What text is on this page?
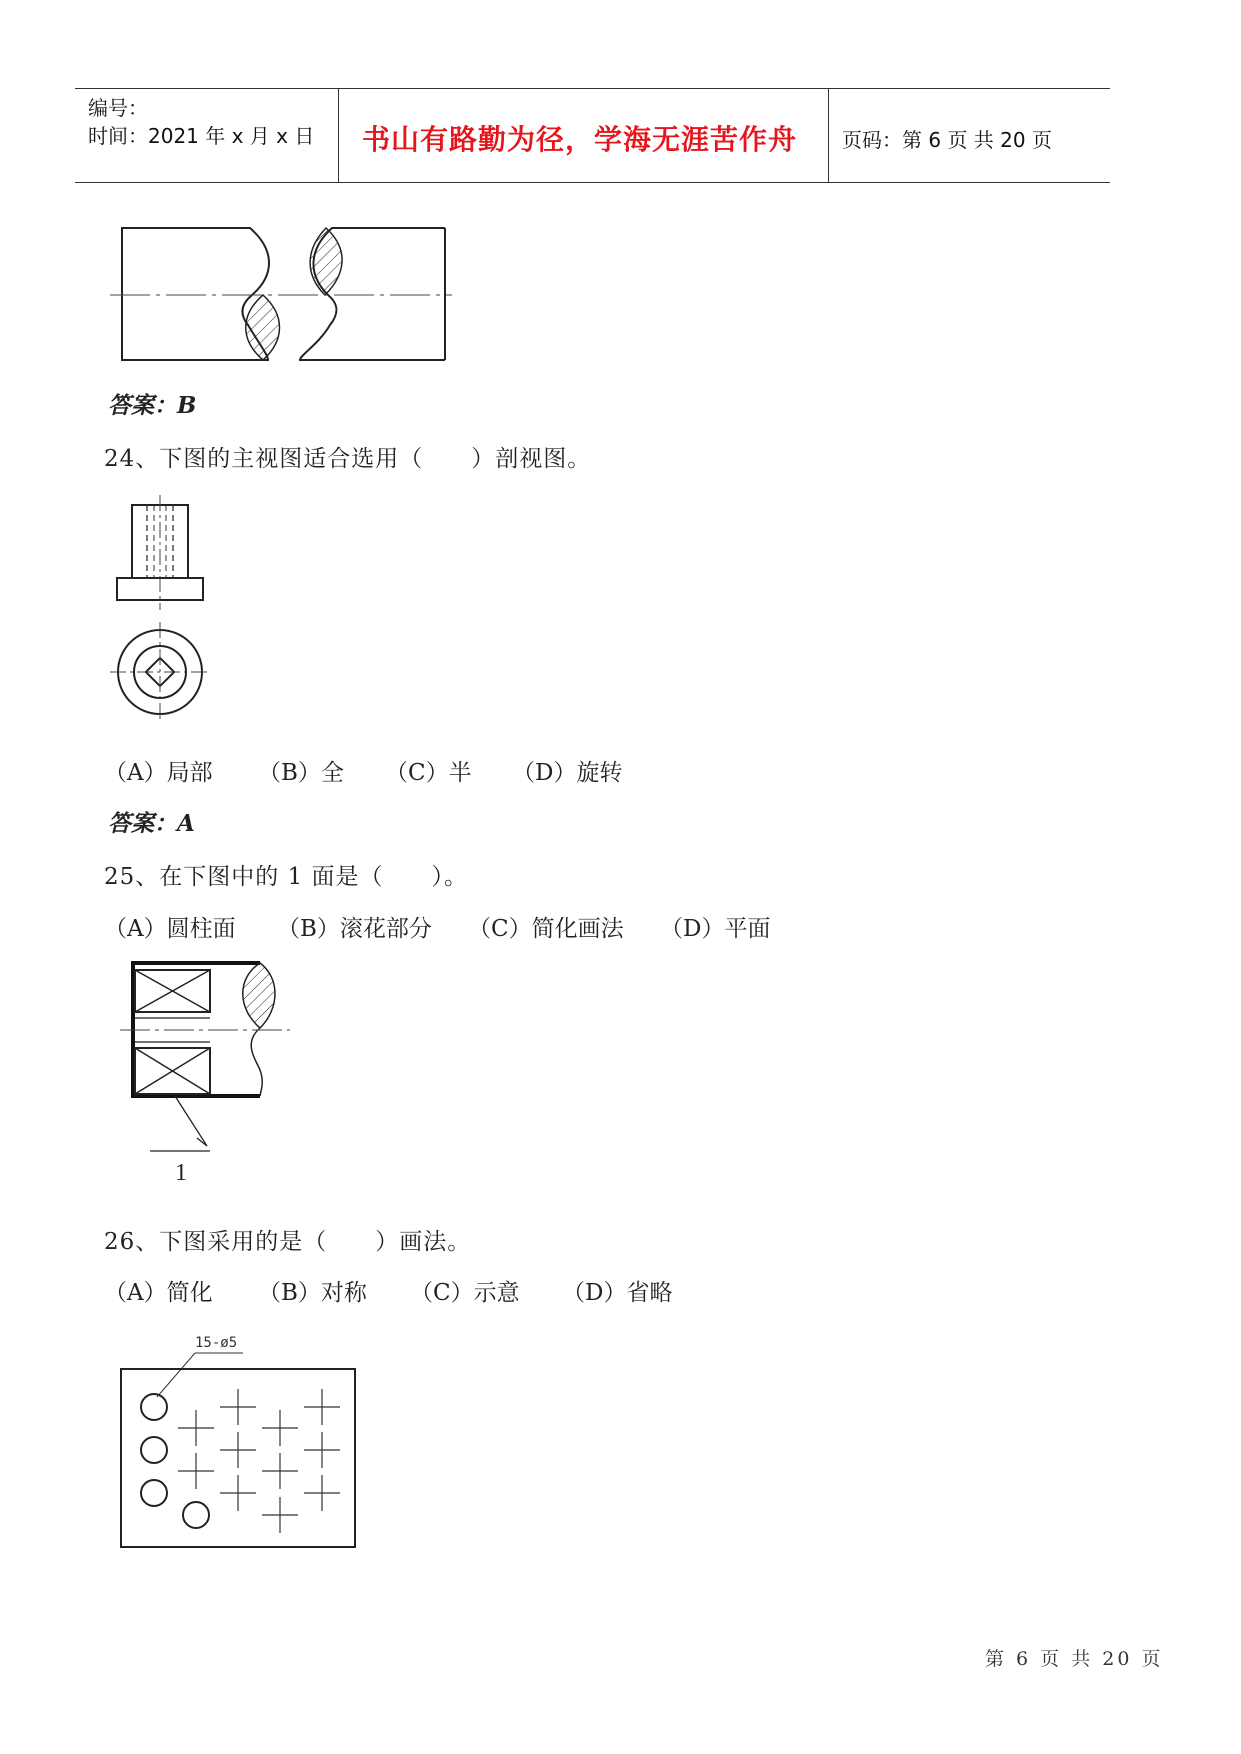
编号：
时间：2021 年 x 月 x 日 书山有路勤为径，学海无涯苦作舟 页码：第 6 页 共 20 页
答案：B
24、下图的主视图适合选用（　　）剖视图。
（A）局部 （B）全 （C）半 （D）旋转
答案：A
25、在下图中的 1 面是（　　）。
（A）圆柱面 （B）滚花部分 （C）简化画法 （D）平面
1
26、下图采用的是（　　）画法。
（A）简化 （B）对称 （C）示意 （D）省略
15-ø5
第 6 页 共 20 页
